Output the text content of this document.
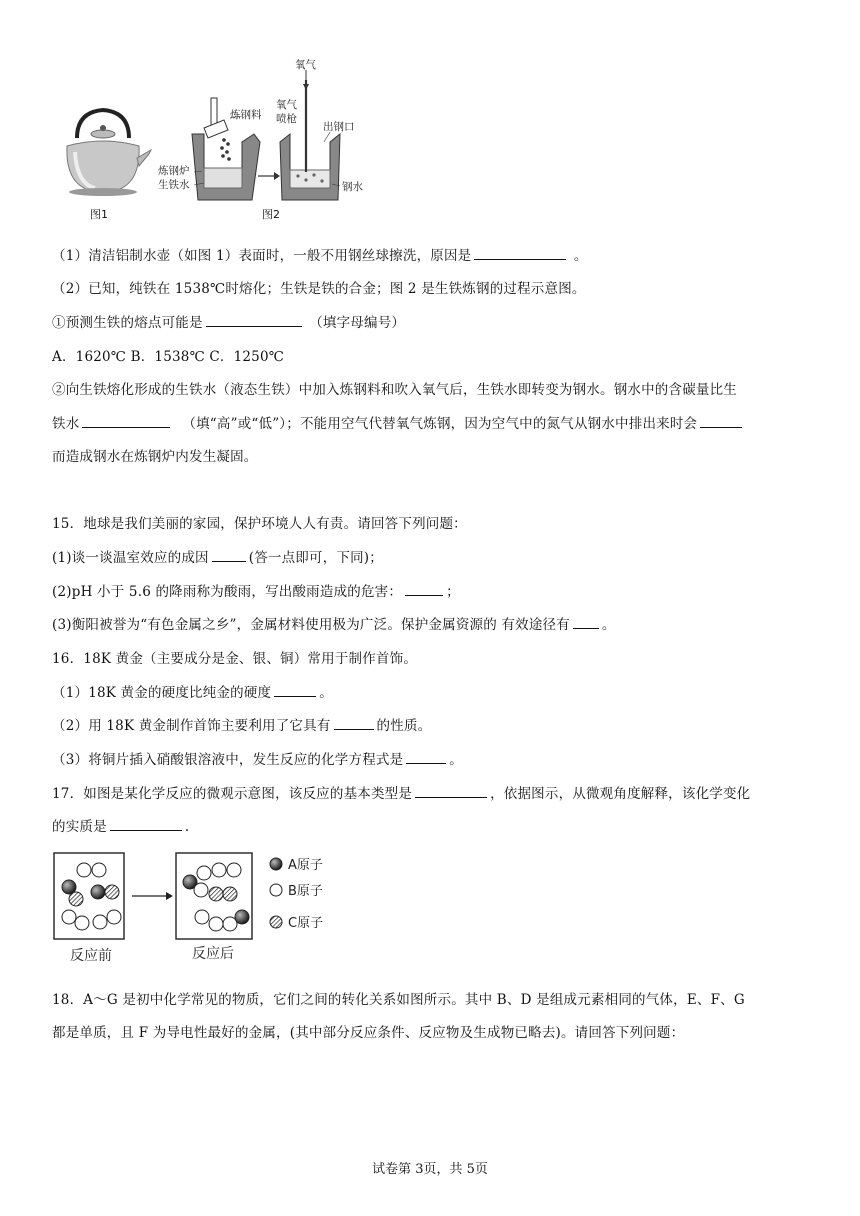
图1
炼钢料
炼钢炉
生铁水
氧气
氧气
喷枪
出钢口
钢水
图2
（1）清洁铝制水壶（如图 1）表面时，一般不用钢丝球擦洗，原因是	。
（2）已知，纯铁在 1538℃时熔化；生铁是铁的合金；图 2 是生铁炼钢的过程示意图。
①预测生铁的熔点可能是	（填字母编号）
A．1620℃ B．1538℃ C．1250℃
②向生铁熔化形成的生铁水（液态生铁）中加入炼钢料和吹入氧气后，生铁水即转变为钢水。钢水中的含碳量比生
铁水	（填“高”或“低”）；不能用空气代替氧气炼钢，因为空气中的氮气从钢水中排出来时会
而造成钢水在炼钢炉内发生凝固。
15．地球是我们美丽的家园，保护环境人人有责。请回答下列问题：
(1)谈一谈温室效应的成因	(答一点即可，下同)；
(2)pH 小于 5.6 的降雨称为酸雨，写出酸雨造成的危害：	；
(3)衡阳被誉为“有色金属之乡”，金属材料使用极为广泛。保护金属资源的 有效途径有 。
16．18K 黄金（主要成分是金、银、铜）常用于制作首饰。
（1）18K 黄金的硬度比纯金的硬度	。
（2）用 18K 黄金制作首饰主要利用了它具有	的性质。
（3）将铜片插入硝酸银溶液中，发生反应的化学方程式是	。
17．如图是某化学反应的微观示意图，该反应的基本类型是	，依据图示，从微观角度解释，该化学变化
的实质是	.
A原子
B原子
C原子
反应前	反应后
18．A～G 是初中化学常见的物质，它们之间的转化关系如图所示。其中 B、D 是组成元素相同的气体，E、F、G
都是单质，且 F 为导电性最好的金属，(其中部分反应条件、反应物及生成物已略去)。请回答下列问题：
试卷第 3页，共 5页
